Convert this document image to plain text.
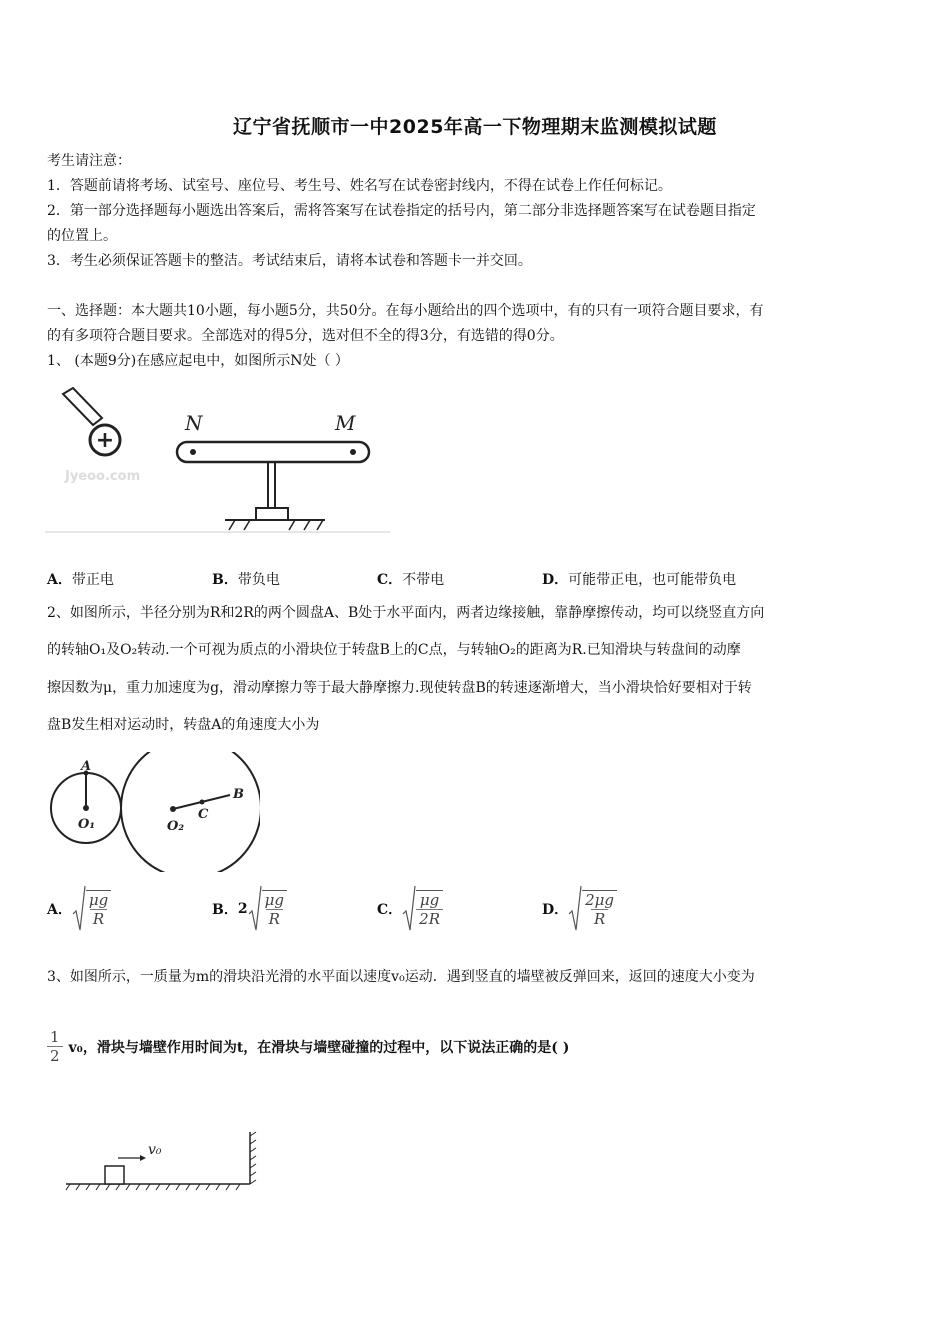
辽宁省抚顺市一中2025年高一下物理期末监测模拟试题
考生请注意：
1．答题前请将考场、试室号、座位号、考生号、姓名写在试卷密封线内，不得在试卷上作任何标记。
2．第一部分选择题每小题选出答案后，需将答案写在试卷指定的括号内，第二部分非选择题答案写在试卷题目指定
的位置上。
3．考生必须保证答题卡的整洁。考试结束后，请将本试卷和答题卡一并交回。
一、选择题：本大题共10小题，每小题5分，共50分。在每小题给出的四个选项中，有的只有一项符合题目要求，有
的有多项符合题目要求。全部选对的得5分，选对但不全的得3分，有选错的得0分。
1、 (本题9分)在感应起电中，如图所示N处（ ）
+
Jyeoo.com
N	M
A．带正电	B．带负电	C．不带电	D．可能带正电，也可能带负电
2、如图所示，半径分别为R和2R的两个圆盘A、B处于水平面内，两者边缘接触，靠静摩擦传动，均可以绕竖直方向
的转轴O₁及O₂转动.一个可视为质点的小滑块位于转盘B上的C点，与转轴O₂的距离为R.已知滑块与转盘间的动摩
擦因数为μ，重力加速度为g，滑动摩擦力等于最大静摩擦力.现使转盘B的转速逐渐增大，当小滑块恰好要相对于转
盘B发生相对运动时，转盘A的角速度大小为
A
O₁
B
C
O₂
A． $\frac{\mu g}{R}$	B． $2 \frac{\mu g}{R}$	C． $\frac{\mu g}{2R}$	D． $\frac{2\mu g}{R}$
3、如图所示，一质量为m的滑块沿光滑的水平面以速度v₀运动．遇到竖直的墙壁被反弹回来，返回的速度大小变为
$\frac{1}{2} v_0$，滑块与墙壁作用时间为t，在滑块与墙壁碰撞的过程中，以下说法正确的是( )
v₀
